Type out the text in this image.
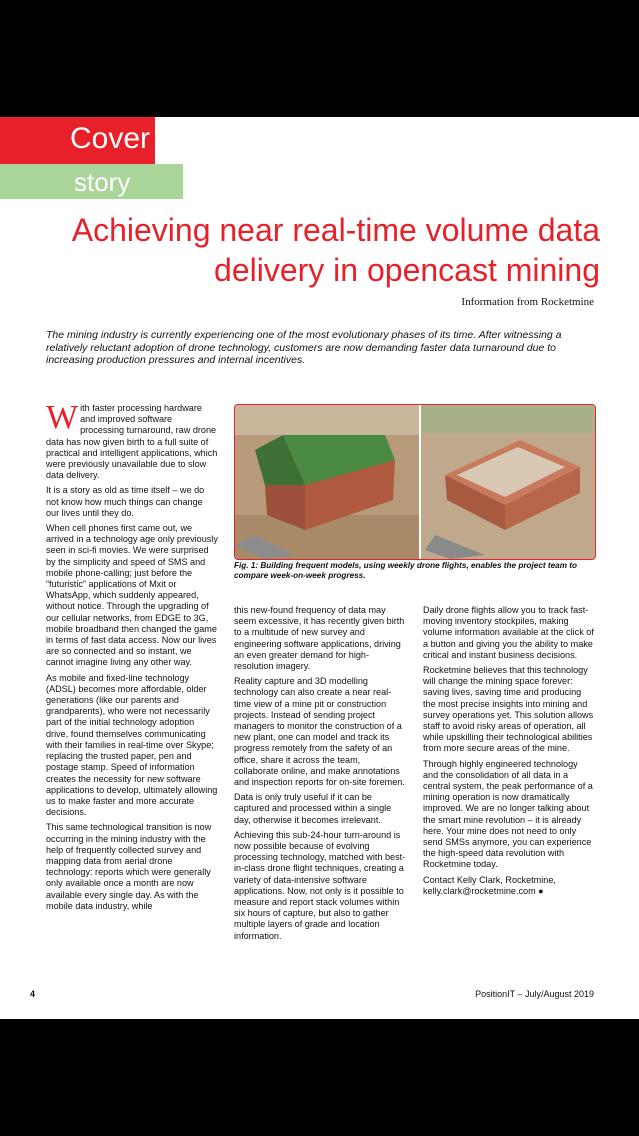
Cover
story
Achieving near real-time volume data delivery in opencast mining
Information from Rocketmine

The mining industry is currently experiencing one of the most evolutionary phases of its time. After witnessing a relatively reluctant adoption of drone technology, customers are now demanding faster data turnaround due to increasing production pressures and internal incentives.

With faster processing hardware and improved software processing turnaround, raw drone data has now given birth to a full suite of practical and intelligent applications, which were previously unavailable due to slow data delivery.

It is a story as old as time itself – we do not know how much things can change our lives until they do.

When cell phones first came out, we arrived in a technology age only previously seen in sci-fi movies. We were surprised by the simplicity and speed of SMS and mobile phone-calling; just before the “futuristic” applications of Mxit or WhatsApp, which suddenly appeared, without notice. Through the upgrading of our cellular networks, from EDGE to 3G, mobile broadband then changed the game in terms of fast data access. Now our lives are so connected and so instant, we cannot imagine living any other way.

As mobile and fixed-line technology (ADSL) becomes more affordable, older generations (like our parents and grandparents), who were not necessarily part of the initial technology adoption drive, found themselves communicating with their families in real-time over Skype; replacing the trusted paper, pen and postage stamp. Speed of information creates the necessity for new software applications to develop, ultimately allowing us to make faster and more accurate decisions.

This same technological transition is now occurring in the mining industry with the help of frequently collected survey and mapping data from aerial drone technology: reports which were generally only available once a month are now available every single day. As with the mobile data industry, while

Fig. 1: Building frequent models, using weekly drone flights, enables the project team to compare week-on-week progress.

this new-found frequency of data may seem excessive, it has recently given birth to a multitude of new survey and engineering software applications, driving an even greater demand for high-resolution imagery.

Reality capture and 3D modelling technology can also create a near real-time view of a mine pit or construction projects. Instead of sending project managers to monitor the construction of a new plant, one can model and track its progress remotely from the safety of an office, share it across the team, collaborate online, and make annotations and inspection reports for on-site foremen.

Data is only truly useful if it can be captured and processed within a single day, otherwise it becomes irrelevant.

Achieving this sub-24-hour turn-around is now possible because of evolving processing technology, matched with best-in-class drone flight techniques, creating a variety of data-intensive software applications. Now, not only is it possible to measure and report stack volumes within six hours of capture, but also to gather multiple layers of grade and location information.

Daily drone flights allow you to track fast-moving inventory stockpiles, making volume information available at the click of a button and giving you the ability to make critical and instant business decisions.

Rocketmine believes that this technology will change the mining space forever: saving lives, saving time and producing the most precise insights into mining and survey operations yet. This solution allows staff to avoid risky areas of operation, all while upskilling their technological abilities from more secure areas of the mine.

Through highly engineered technology and the consolidation of all data in a central system, the peak performance of a mining operation is now dramatically improved. We are no longer talking about the smart mine revolution – it is already here. Your mine does not need to only send SMSs anymore, you can experience the high-speed data revolution with Rocketmine today.

Contact Kelly Clark, Rocketmine, kelly.clark@rocketmine.com ●

4	PositionIT – July/August 2019
